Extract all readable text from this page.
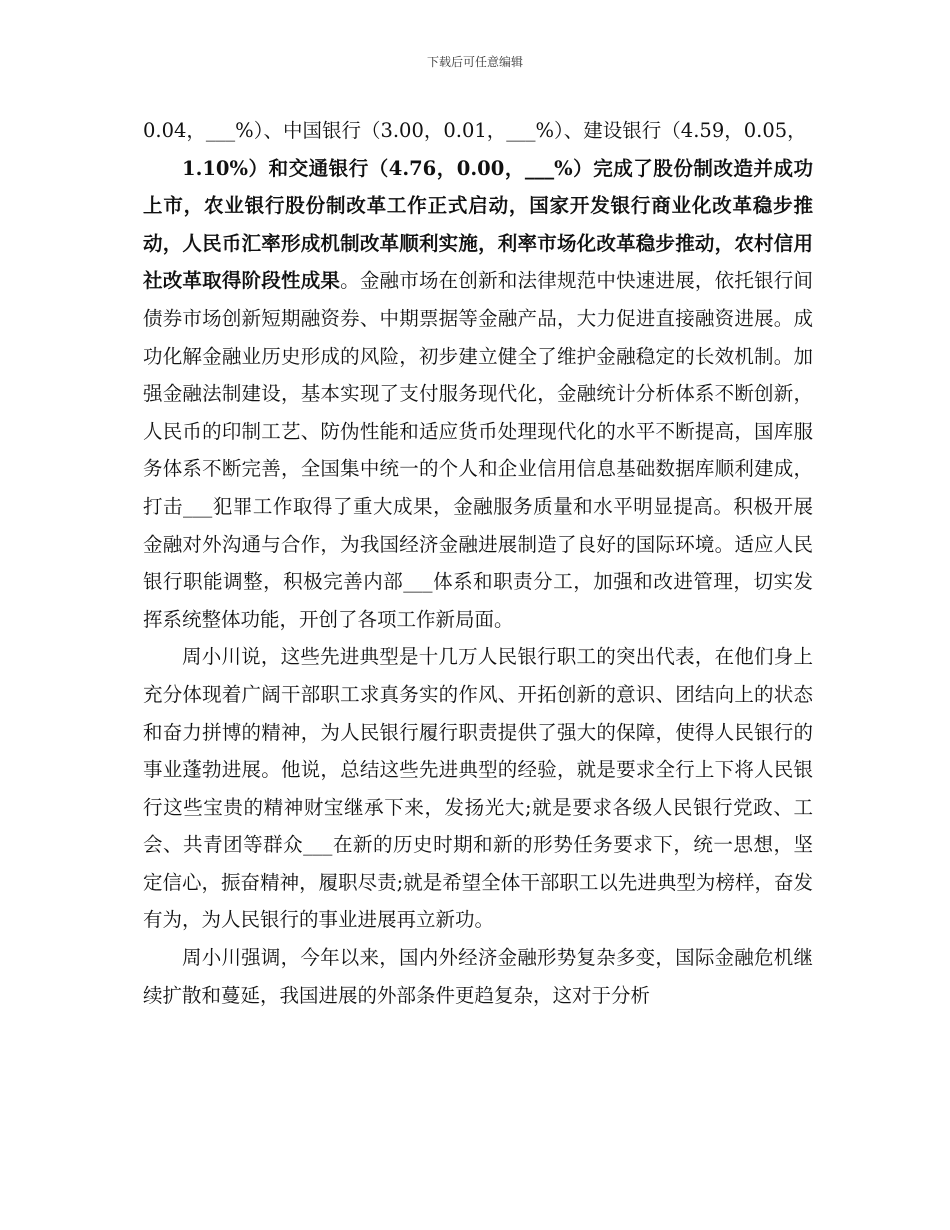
下载后可任意编辑

0.04，___%）、中国银行（3.00，0.01，___%）、建设银行（4.59，0.05，

1.10%）和交通银行（4.76，0.00，___%）完成了股份制改造并成功上市，农业银行股份制改革工作正式启动，国家开发银行商业化改革稳步推动，人民币汇率形成机制改革顺利实施，利率市场化改革稳步推动，农村信用社改革取得阶段性成果。金融市场在创新和法律规范中快速进展，依托银行间债券市场创新短期融资券、中期票据等金融产品，大力促进直接融资进展。成功化解金融业历史形成的风险，初步建立健全了维护金融稳定的长效机制。加强金融法制建设，基本实现了支付服务现代化，金融统计分析体系不断创新，人民币的印制工艺、防伪性能和适应货币处理现代化的水平不断提高，国库服务体系不断完善，全国集中统一的个人和企业信用信息基础数据库顺利建成，打击___犯罪工作取得了重大成果，金融服务质量和水平明显提高。积极开展金融对外沟通与合作，为我国经济金融进展制造了良好的国际环境。适应人民银行职能调整，积极完善内部___体系和职责分工，加强和改进管理，切实发挥系统整体功能，开创了各项工作新局面。

周小川说，这些先进典型是十几万人民银行职工的突出代表，在他们身上充分体现着广阔干部职工求真务实的作风、开拓创新的意识、团结向上的状态和奋力拼博的精神，为人民银行履行职责提供了强大的保障，使得人民银行的事业蓬勃进展。他说，总结这些先进典型的经验，就是要求全行上下将人民银行这些宝贵的精神财宝继承下来，发扬光大;就是要求各级人民银行党政、工会、共青团等群众___在新的历史时期和新的形势任务要求下，统一思想，坚定信心，振奋精神，履职尽责;就是希望全体干部职工以先进典型为榜样，奋发有为，为人民银行的事业进展再立新功。

周小川强调，今年以来，国内外经济金融形势复杂多变，国际金融危机继续扩散和蔓延，我国进展的外部条件更趋复杂，这对于分析
